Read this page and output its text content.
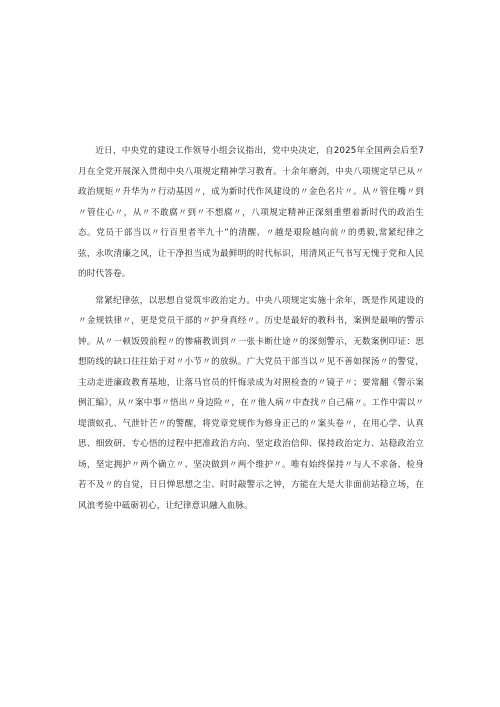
近日，中央党的建设工作领导小组会议指出，党中央决定，自2025年全国两会后至7月在全党开展深入贯彻中央八项规定精神学习教育。十余年磨剑，中央八项规定早已从〃政治规矩〃升华为〃行动基因〃，成为新时代作风建设的〃金色名片〃。从〃管住嘴〃到〃管住心〃，从〃不敢腐〃到〃不想腐〃，八项规定精神正深刻重塑着新时代的政治生态。党员干部当以〃行百里者半九十”的清醒、〃越是艰险越向前〃的勇毅,常紧纪律之弦，永吹清廉之风，让干净担当成为最鲜明的时代标识，用清风正气书写无愧于党和人民的时代答卷。

常紧纪律弦，以思想自觉筑牢政治定力。中央八项规定实施十余年，既是作风建设的〃金规铁律〃，更是党员干部的〃护身真经〃。历史是最好的教科书，案例是最响的警示钟。从〃一顿饭毁前程〃的惨痛教训到〃一张卡断仕途〃的深刻警示，无数案例印证：思想防线的缺口往往始于对〃小节〃的放纵。广大党员干部当以〃见不善如探汤〃的警觉，主动走进廉政教育基地，让落马官员的忏悔录成为对照检查的〃镜子〃；要常翻《警示案例汇编》，从〃案中事〃悟出〃身边险〃，在〃他人病〃中查找〃自己痛〃。工作中需以〃堤溃蚁孔、气泄针芒〃的警醒，将党章党规作为修身正己的〃案头卷〃，在用心学、认真思、细致研、专心悟的过程中把准政治方向、坚定政治信仰、保持政治定力、站稳政治立场，坚定拥护〃两个确立〃、坚决做到〃两个维护〃。唯有始终保持〃与人不求备、检身若不及〃的自觉，日日惮思想之尘、时时敲警示之钟，方能在大是大非面前站稳立场，在风浪考验中砥砺初心，让纪律意识融入血脉。
